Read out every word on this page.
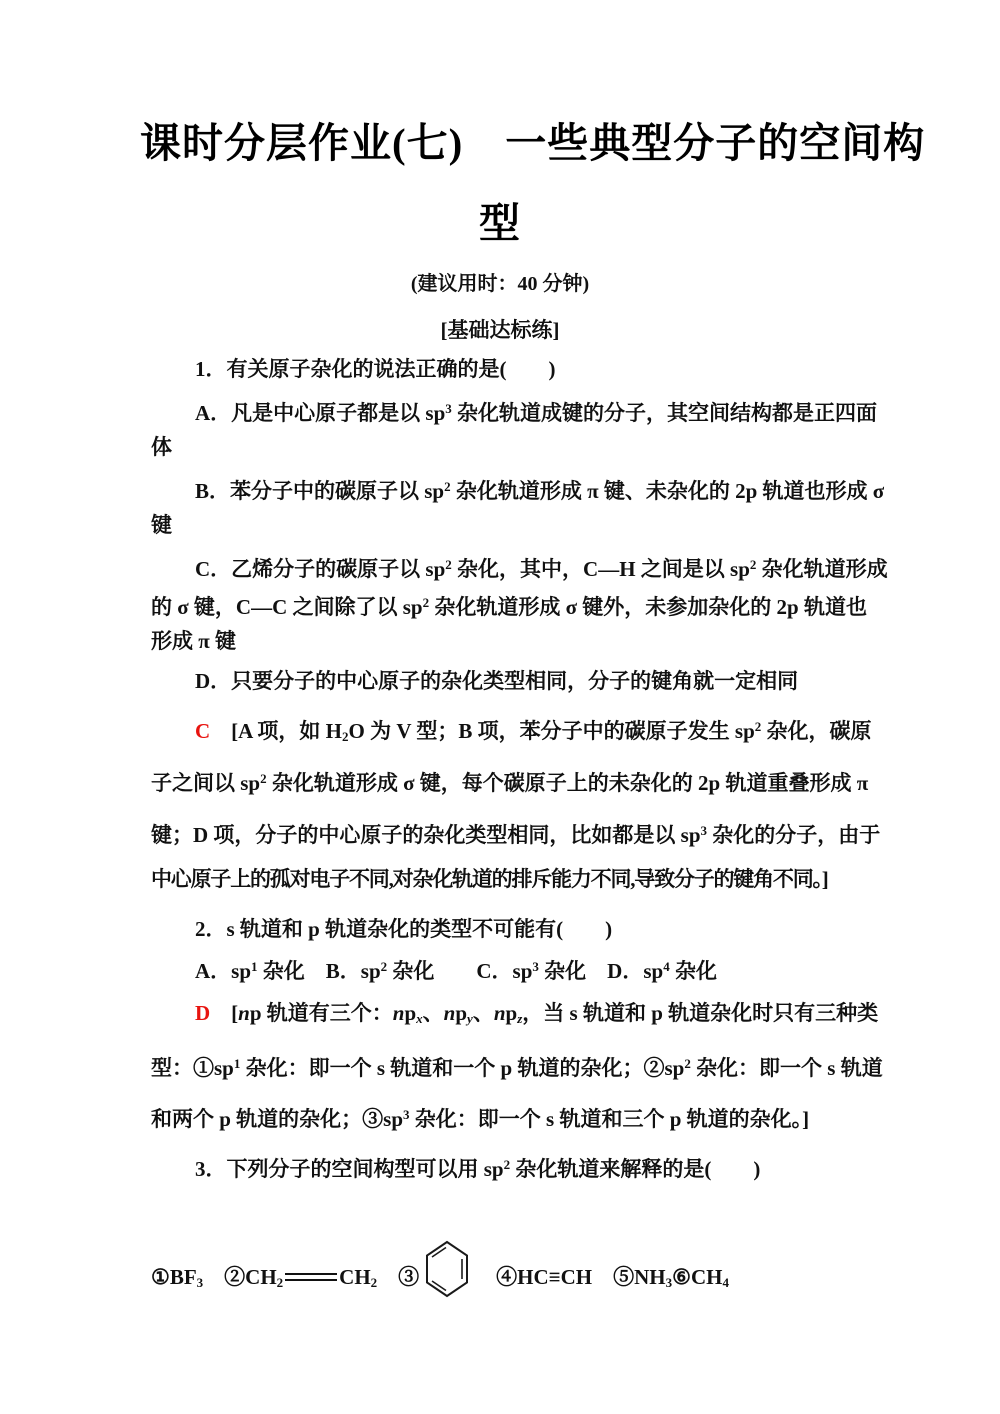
课时分层作业(七)　一些典型分子的空间构
型
(建议用时：40 分钟)
[基础达标练]
1．有关原子杂化的说法正确的是(　　)
A．凡是中心原子都是以 $sp^3$ 杂化轨道成键的分子，其空间结构都是正四面
体
B．苯分子中的碳原子以 $sp^2$ 杂化轨道形成 π 键、未杂化的 2p 轨道也形成 σ
键
C．乙烯分子的碳原子以 $sp^2$ 杂化，其中，C—H 之间是以 $sp^2$ 杂化轨道形成
的 σ 键，C—C 之间除了以 $sp^2$ 杂化轨道形成 σ 键外，未参加杂化的 2p 轨道也
形成 π 键
D．只要分子的中心原子的杂化类型相同，分子的键角就一定相同
C　[A 项，如 $H_2O$ 为 V 型；B 项，苯分子中的碳原子发生 $sp^2$ 杂化，碳原
子之间以 $sp^2$ 杂化轨道形成 σ 键，每个碳原子上的未杂化的 2p 轨道重叠形成 π
键；D 项，分子的中心原子的杂化类型相同，比如都是以 $sp^3$ 杂化的分子，由于
中心原子上的孤对电子不同,对杂化轨道的排斥能力不同,导致分子的键角不同。]
2．s 轨道和 p 轨道杂化的类型不可能有(　　)
A．$sp^1$ 杂化　B．$sp^2$ 杂化　　C．$sp^3$ 杂化　D．$sp^4$ 杂化
D　[np 轨道有三个：$np_x$、$np_y$、$np_z$，当 s 轨道和 p 轨道杂化时只有三种类
型：$①sp^1$ 杂化：即一个 s 轨道和一个 p 轨道的杂化；$②sp^2$ 杂化：即一个 s 轨道
和两个 p 轨道的杂化；$③sp^3$ 杂化：即一个 s 轨道和三个 p 轨道的杂化。]
3．下列分子的空间构型可以用 $sp^2$ 杂化轨道来解释的是(　　)
$①BF_3$　$②CH_2$	$CH_2$　③	　④HC≡CH　$⑤NH_3⑥CH_4$
